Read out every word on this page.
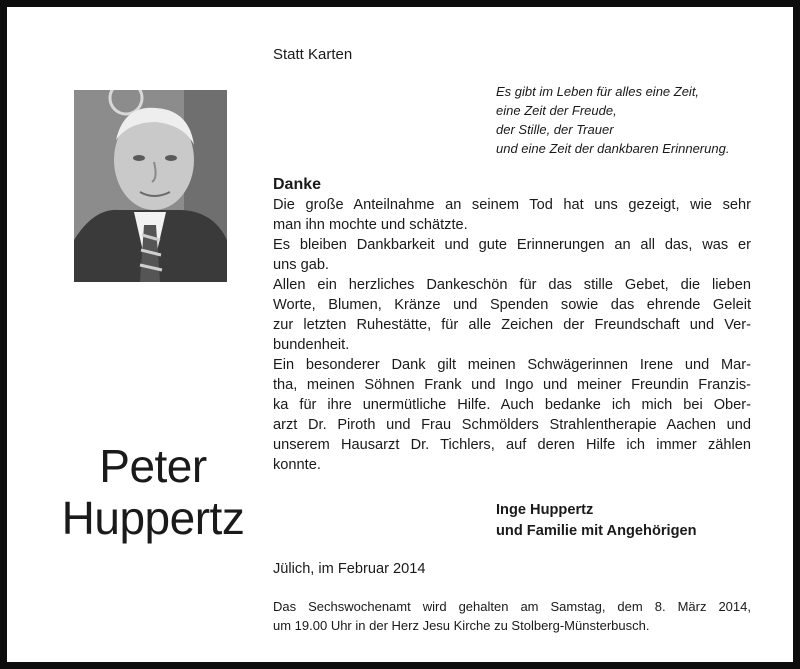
Statt Karten
Es gibt im Leben für alles eine Zeit,
eine Zeit der Freude,
der Stille, der Trauer
und eine Zeit der dankbaren Erinnerung.
Peter
Huppertz
Danke
Die große Anteilnahme an seinem Tod hat uns gezeigt, wie sehr
man ihn mochte und schätzte.
Es bleiben Dankbarkeit und gute Erinnerungen an all das, was er
uns gab.
Allen ein herzliches Dankeschön für das stille Gebet, die lieben
Worte, Blumen, Kränze und Spenden sowie das ehrende Geleit
zur letzten Ruhestätte, für alle Zeichen der Freundschaft und Ver-
bundenheit.
Ein besonderer Dank gilt meinen Schwägerinnen Irene und Mar-
tha, meinen Söhnen Frank und Ingo und meiner Freundin Franzis-
ka für ihre unermütliche Hilfe. Auch bedanke ich mich bei Ober-
arzt Dr. Piroth und Frau Schmölders Strahlentherapie Aachen und
unserem Hausarzt Dr. Tichlers, auf deren Hilfe ich immer zählen
konnte.
Inge Huppertz
und Familie mit Angehörigen
Jülich, im Februar 2014
Das Sechswochenamt wird gehalten am Samstag, dem 8. März 2014,
um 19.00 Uhr in der Herz Jesu Kirche zu Stolberg-Münsterbusch.
